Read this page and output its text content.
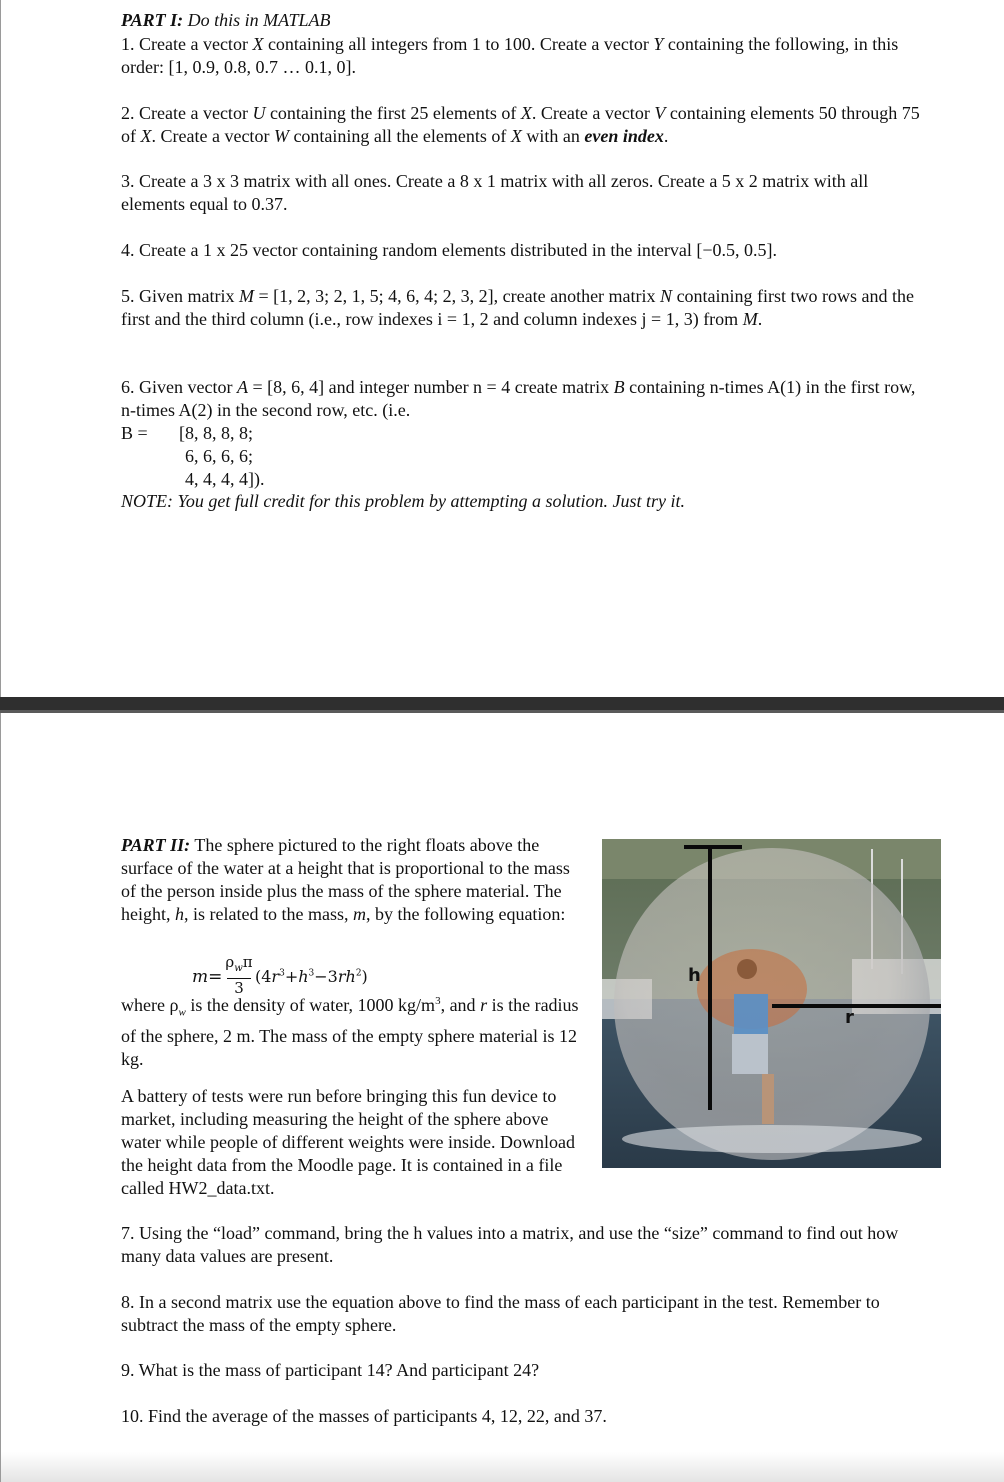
PART I: Do this in MATLAB

1. Create a vector X containing all integers from 1 to 100. Create a vector Y containing the following, in this order: [1, 0.9, 0.8, 0.7 … 0.1, 0].

2. Create a vector U containing the first 25 elements of X. Create a vector V containing elements 50 through 75 of X. Create a vector W containing all the elements of X with an even index.

3. Create a 3 x 3 matrix with all ones. Create a 8 x 1 matrix with all zeros. Create a 5 x 2 matrix with all elements equal to 0.37.

4. Create a 1 x 25 vector containing random elements distributed in the interval [−0.5, 0.5].

5. Given matrix M = [1, 2, 3; 2, 1, 5; 4, 6, 4; 2, 3, 2], create another matrix N containing first two rows and the first and the third column (i.e., row indexes i = 1, 2 and column indexes j = 1, 3) from M.

6. Given vector A = [8, 6, 4] and integer number n = 4 create matrix B containing n-times A(1) in the first row, n-times A(2) in the second row, etc. (i.e.

B = [8, 8, 8, 8;
6, 6, 6, 6;
4, 4, 4, 4]).
NOTE: You get full credit for this problem by attempting a solution. Just try it.

PART II: The sphere pictured to the right floats above the surface of the water at a height that is proportional to the mass of the person inside plus the mass of the sphere material. The height, h, is related to the mass, m, by the following equation:

m=
$\rho_w\pi$
3
$(4r^3+h^3-3rh^2)$

where $\rho_w$ is the density of water, 1000 $kg/m^3$, and r is the radius of the sphere, 2 m. The mass of the empty sphere material is 12 kg.

A battery of tests were run before bringing this fun device to market, including measuring the height of the sphere above water while people of different weights were inside. Download the height data from the Moodle page. It is contained in a file called HW2_data.txt.

h
r

7. Using the “load” command, bring the h values into a matrix, and use the “size” command to find out how many data values are present.

8. In a second matrix use the equation above to find the mass of each participant in the test. Remember to subtract the mass of the empty sphere.

9. What is the mass of participant 14? And participant 24?

10. Find the average of the masses of participants 4, 12, 22, and 37.
